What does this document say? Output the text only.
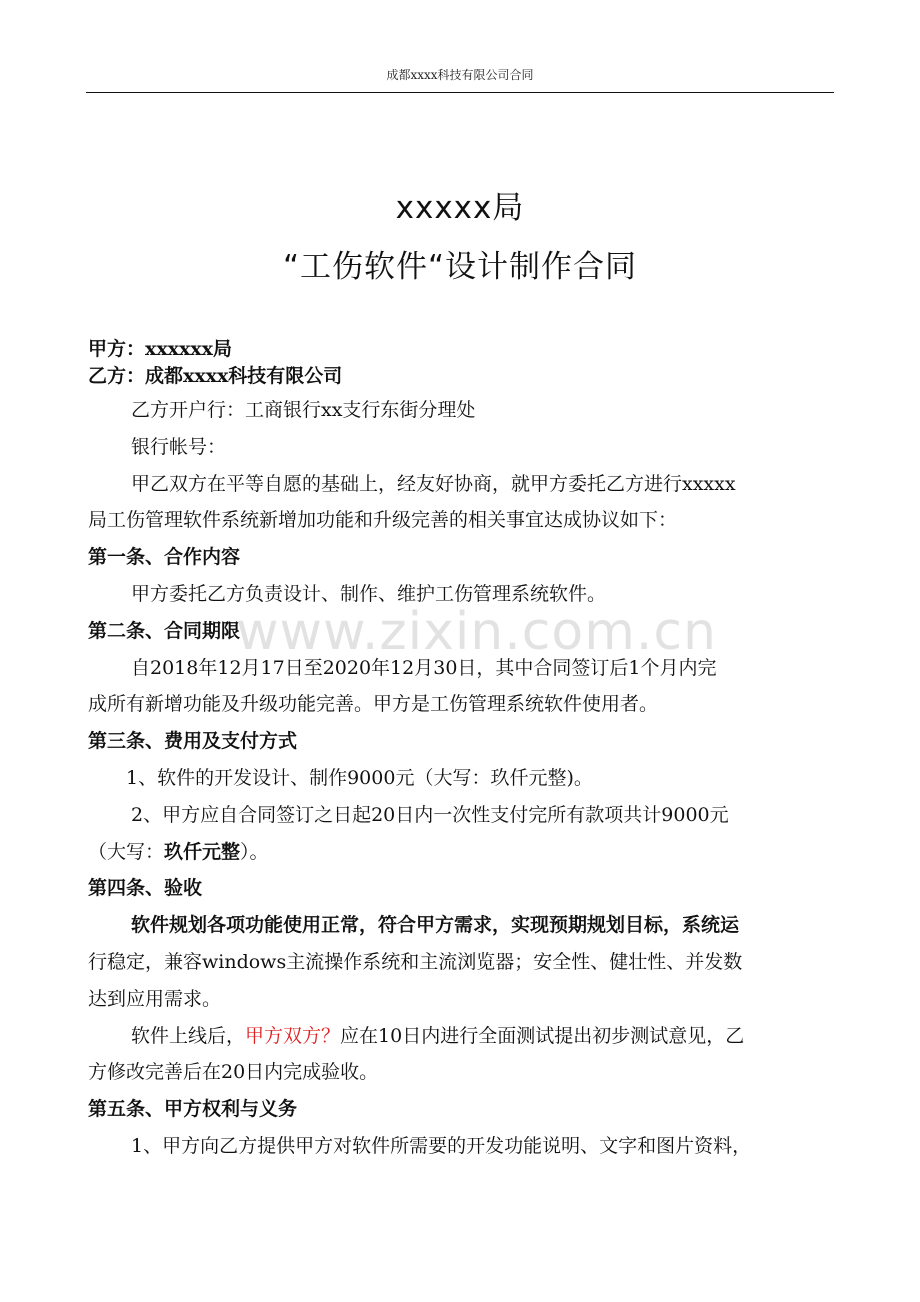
成都xxxx科技有限公司合同
xxxxx局
“工伤软件“设计制作合同
www.zixin.com.cn
甲方：xxxxxx局
乙方：成都xxxx科技有限公司
乙方开户行：工商银行xx支行东街分理处
银行帐号：
甲乙双方在平等自愿的基础上，经友好协商，就甲方委托乙方进行xxxxx
局工伤管理软件系统新增加功能和升级完善的相关事宜达成协议如下：
第一条、合作内容
甲方委托乙方负责设计、制作、维护工伤管理系统软件。
第二条、合同期限
自2018年12月17日至2020年12月30日，其中合同签订后1个月内完
成所有新增功能及升级功能完善。甲方是工伤管理系统软件使用者。
第三条、费用及支付方式
1、软件的开发设计、制作9000元（大写：玖仟元整)。
2、甲方应自合同签订之日起20日内一次性支付完所有款项共计9000元
（大写：玖仟元整）。
第四条、验收
软件规划各项功能使用正常，符合甲方需求，实现预期规划目标，系统运
行稳定，兼容windows主流操作系统和主流浏览器；安全性、健壮性、并发数
达到应用需求。
软件上线后，甲方双方？应在10日内进行全面测试提出初步测试意见，乙
方修改完善后在20日内完成验收。
第五条、甲方权利与义务
1、甲方向乙方提供甲方对软件所需要的开发功能说明、文字和图片资料，
